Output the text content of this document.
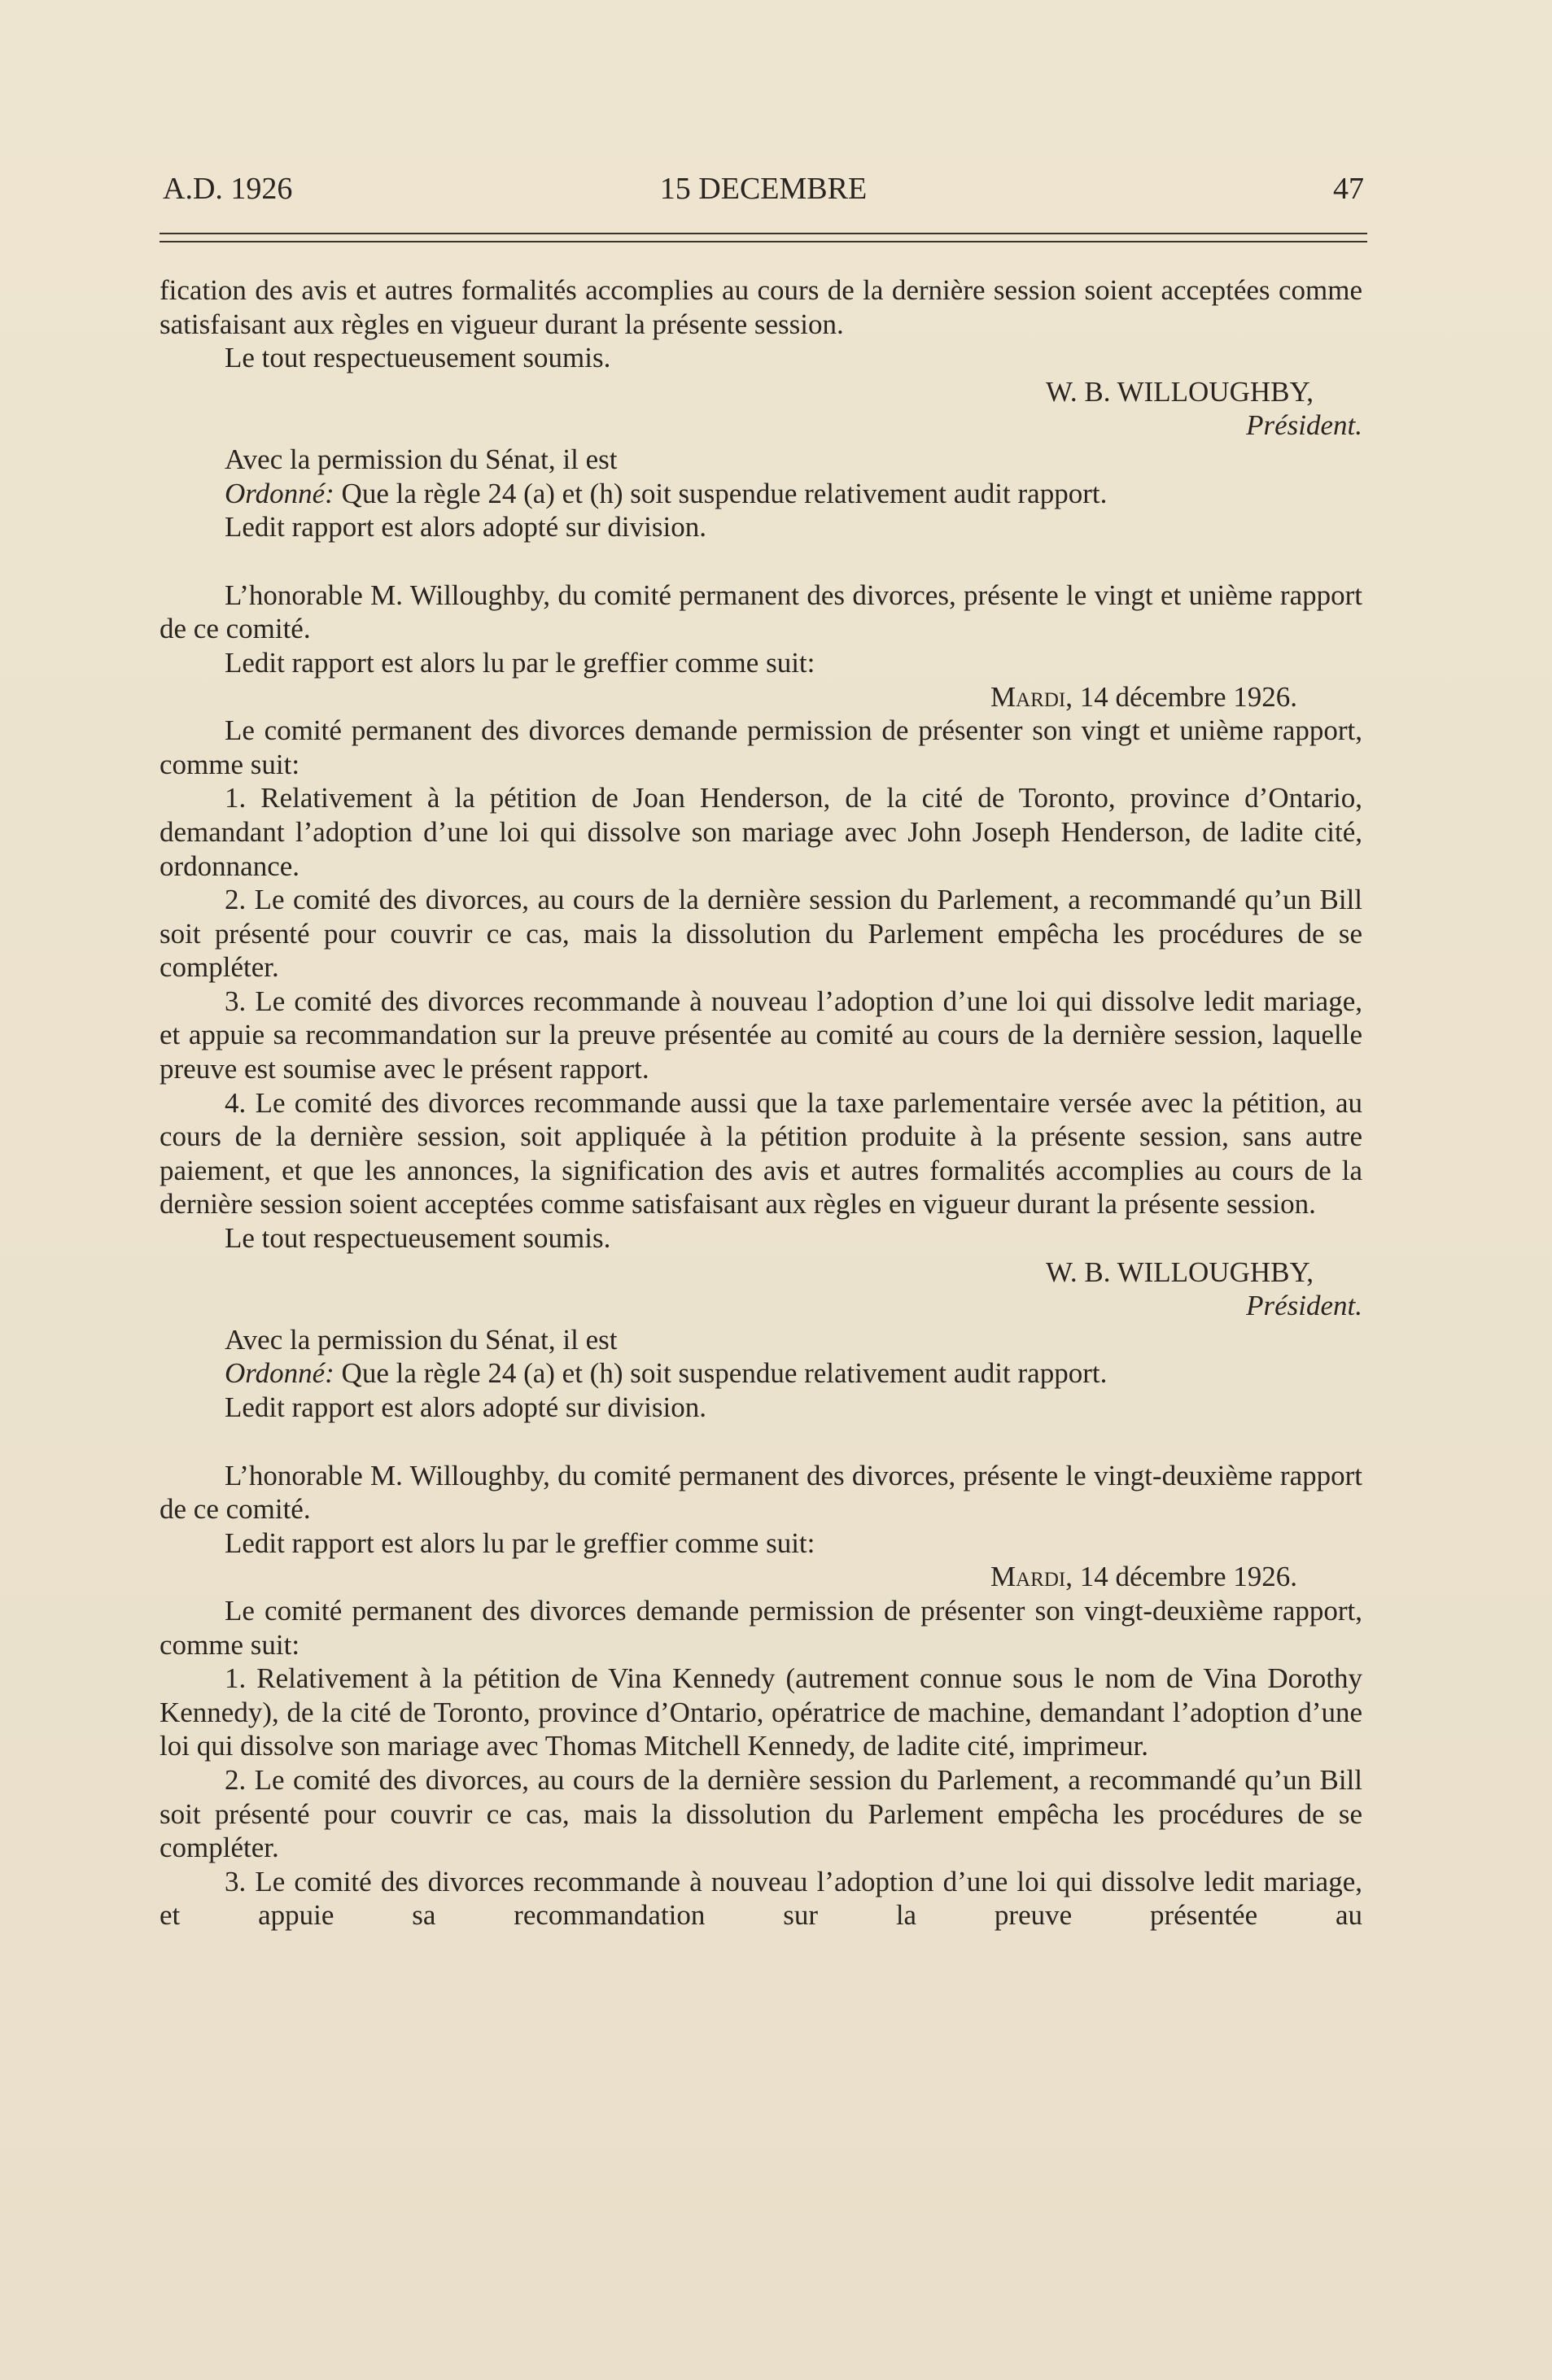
A.D. 1926	15 DECEMBRE	47

fication des avis et autres formalités accomplies au cours de la dernière session soient acceptées comme satisfaisant aux règles en vigueur durant la présente session.

Le tout respectueusement soumis.

W. B. WILLOUGHBY,

Président.

Avec la permission du Sénat, il est

Ordonné: Que la règle 24 (a) et (h) soit suspendue relativement audit rapport.

Ledit rapport est alors adopté sur division.

L’honorable M. Willoughby, du comité permanent des divorces, présente le vingt et unième rapport de ce comité.

Ledit rapport est alors lu par le greffier comme suit:

Mardi, 14 décembre 1926.

Le comité permanent des divorces demande permission de présenter son vingt et unième rapport, comme suit:

1. Relativement à la pétition de Joan Henderson, de la cité de Toronto, province d’Ontario, demandant l’adoption d’une loi qui dissolve son mariage avec John Joseph Henderson, de ladite cité, ordonnance.

2. Le comité des divorces, au cours de la dernière session du Parlement, a recommandé qu’un Bill soit présenté pour couvrir ce cas, mais la dissolution du Parlement empêcha les procédures de se compléter.

3. Le comité des divorces recommande à nouveau l’adoption d’une loi qui dissolve ledit mariage, et appuie sa recommandation sur la preuve présentée au comité au cours de la dernière session, laquelle preuve est soumise avec le présent rapport.

4. Le comité des divorces recommande aussi que la taxe parlementaire versée avec la pétition, au cours de la dernière session, soit appliquée à la pétition produite à la présente session, sans autre paiement, et que les annonces, la signification des avis et autres formalités accomplies au cours de la dernière session soient acceptées comme satisfaisant aux règles en vigueur durant la présente session.

Le tout respectueusement soumis.

W. B. WILLOUGHBY,

Président.

Avec la permission du Sénat, il est

Ordonné: Que la règle 24 (a) et (h) soit suspendue relativement audit rapport.

Ledit rapport est alors adopté sur division.

L’honorable M. Willoughby, du comité permanent des divorces, présente le vingt-deuxième rapport de ce comité.

Ledit rapport est alors lu par le greffier comme suit:

Mardi, 14 décembre 1926.

Le comité permanent des divorces demande permission de présenter son vingt-deuxième rapport, comme suit:

1. Relativement à la pétition de Vina Kennedy (autrement connue sous le nom de Vina Dorothy Kennedy), de la cité de Toronto, province d’Ontario, opératrice de machine, demandant l’adoption d’une loi qui dissolve son mariage avec Thomas Mitchell Kennedy, de ladite cité, imprimeur.

2. Le comité des divorces, au cours de la dernière session du Parlement, a recommandé qu’un Bill soit présenté pour couvrir ce cas, mais la dissolution du Parlement empêcha les procédures de se compléter.

3. Le comité des divorces recommande à nouveau l’adoption d’une loi qui dissolve ledit mariage, et appuie sa recommandation sur la preuve présentée au
